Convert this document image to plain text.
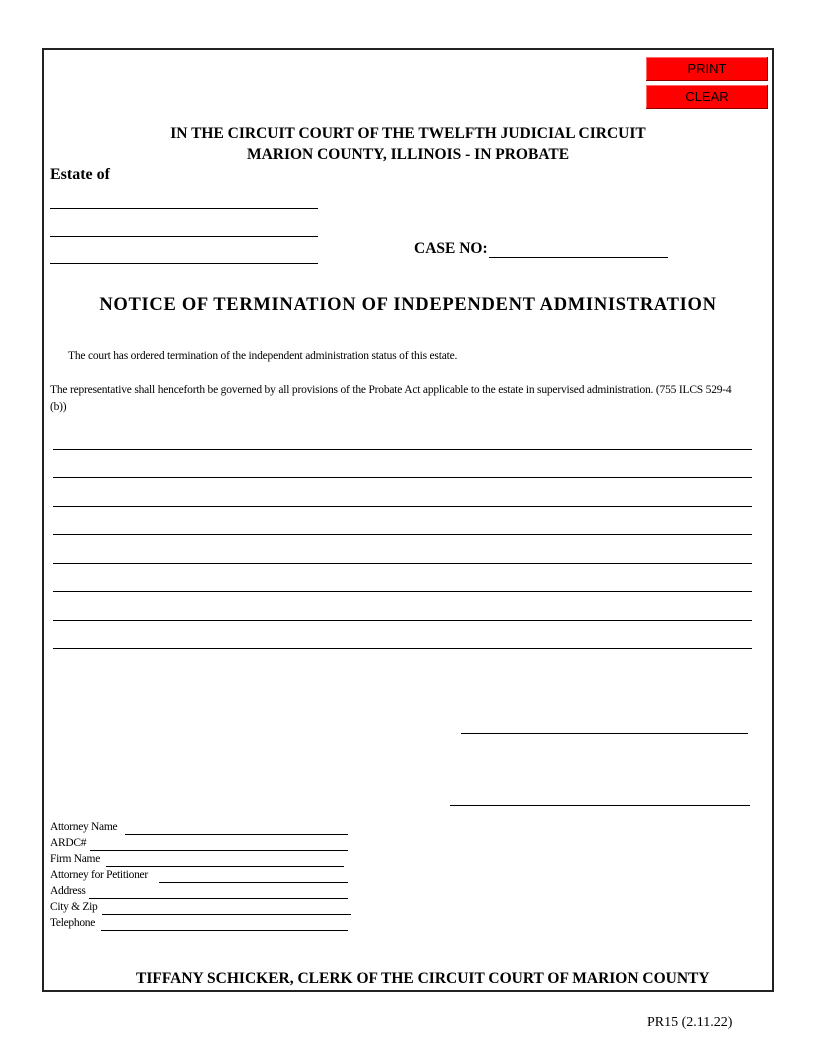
PRINT
CLEAR
IN THE CIRCUIT COURT OF THE TWELFTH JUDICIAL CIRCUIT
MARION COUNTY, ILLINOIS - IN PROBATE
Estate of
CASE NO:
NOTICE OF TERMINATION OF INDEPENDENT ADMINISTRATION
The court has ordered termination of the independent administration status of this estate.
The representative shall henceforth be governed by all provisions of the Probate Act applicable to the estate in supervised administration. (755 ILCS 529-4 (b))
Attorney Name
ARDC#
Firm Name
Attorney for Petitioner
Address
City & Zip
Telephone
TIFFANY SCHICKER, CLERK OF THE CIRCUIT COURT OF MARION COUNTY
PR15 (2.11.22)
